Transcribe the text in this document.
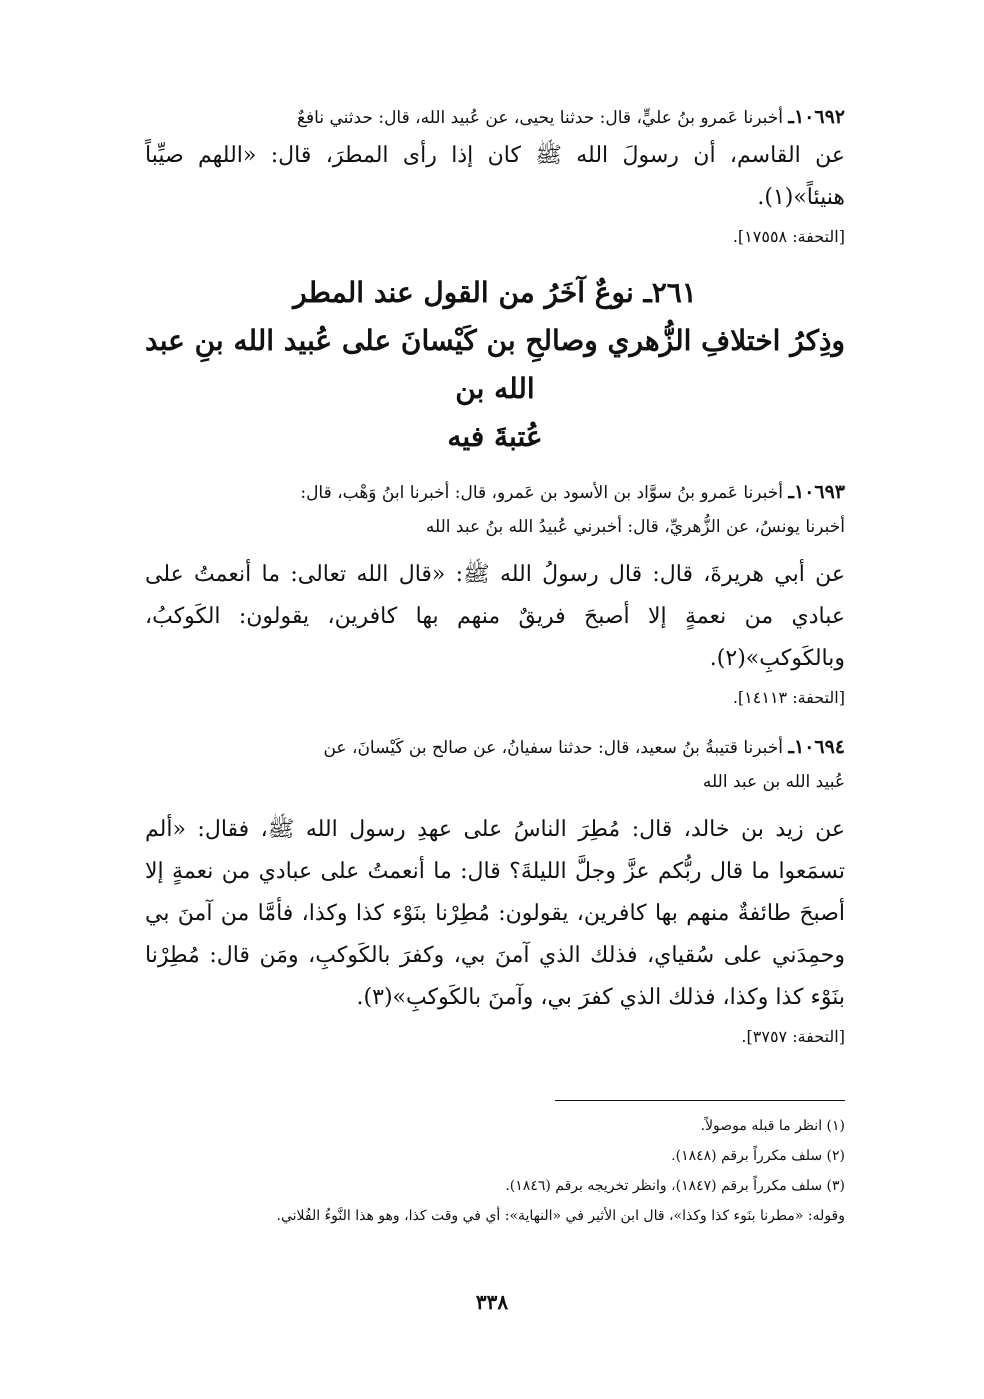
١٠٦٩٢ـ أخبرنا عَمرو بنُ عليٍّ، قال: حدثنا يحيى، عن عُبيد الله، قال: حدثني نافعٌ

عن القاسم، أن رسولَ الله ﷺ كان إذا رأى المطرَ، قال: «اللهم صيِّباً هنيئاً»(١).

[التحفة: ١٧٥٥٨].

٢٦١ـ نوعٌ آخَرُ من القول عند المطر
وذِكرُ اختلافِ الزُّهري وصالحِ بن كَيْسانَ على عُبيد الله بنِ عبد الله بن
عُتبةَ فيه

١٠٦٩٣ـ أخبرنا عَمرو بنُ سوَّاد بن الأسود بن عَمرو، قال: أخبرنا ابنُ وَهْب، قال:
أخبرنا يونسُ، عن الزُّهريِّ، قال: أخبرني عُبيدُ الله بنُ عبد الله

عن أبي هريرةَ، قال: قال رسولُ الله ﷺ: «قال الله تعالى: ما أنعمتُ على عبادي من نعمةٍ إلا أصبحَ فريقٌ منهم بها كافرين، يقولون: الكَوكبُ، وبالكَوكبِ»(٢).

[التحفة: ١٤١١٣].

١٠٦٩٤ـ أخبرنا قتيبةُ بنُ سعيد، قال: حدثنا سفيانُ، عن صالح بن كَيْسانَ، عن
عُبيد الله بن عبد الله

عن زيد بن خالد، قال: مُطِرَ الناسُ على عهدِ رسول الله ﷺ، فقال: «ألم تسمَعوا ما قال ربُّكم عزَّ وجلَّ الليلةَ؟ قال: ما أنعمتُ على عبادي من نعمةٍ إلا أصبحَ طائفةٌ منهم بها كافرين، يقولون: مُطِرْنا بنَوْء كذا وكذا، فأمَّا من آمنَ بي وحمِدَني على سُقياي، فذلك الذي آمنَ بي، وكفرَ بالكَوكبِ، ومَن قال: مُطِرْنا بنَوْء كذا وكذا، فذلك الذي كفرَ بي، وآمنَ بالكَوكبِ»(٣).

[التحفة: ٣٧٥٧].

(١) انظر ما قبله موصولاً.

(٢) سلف مكرراً برقم (١٨٤٨).

(٣) سلف مكرراً برقم (١٨٤٧)، وانظر تخريجه برقم (١٨٤٦).

وقوله: «مطرنا بنَوء كذا وكذا»، قال ابن الأثير في «النهاية»: أي في وقت كذا، وهو هذا النَّوءُ الفُلاني.

٣٣٨
